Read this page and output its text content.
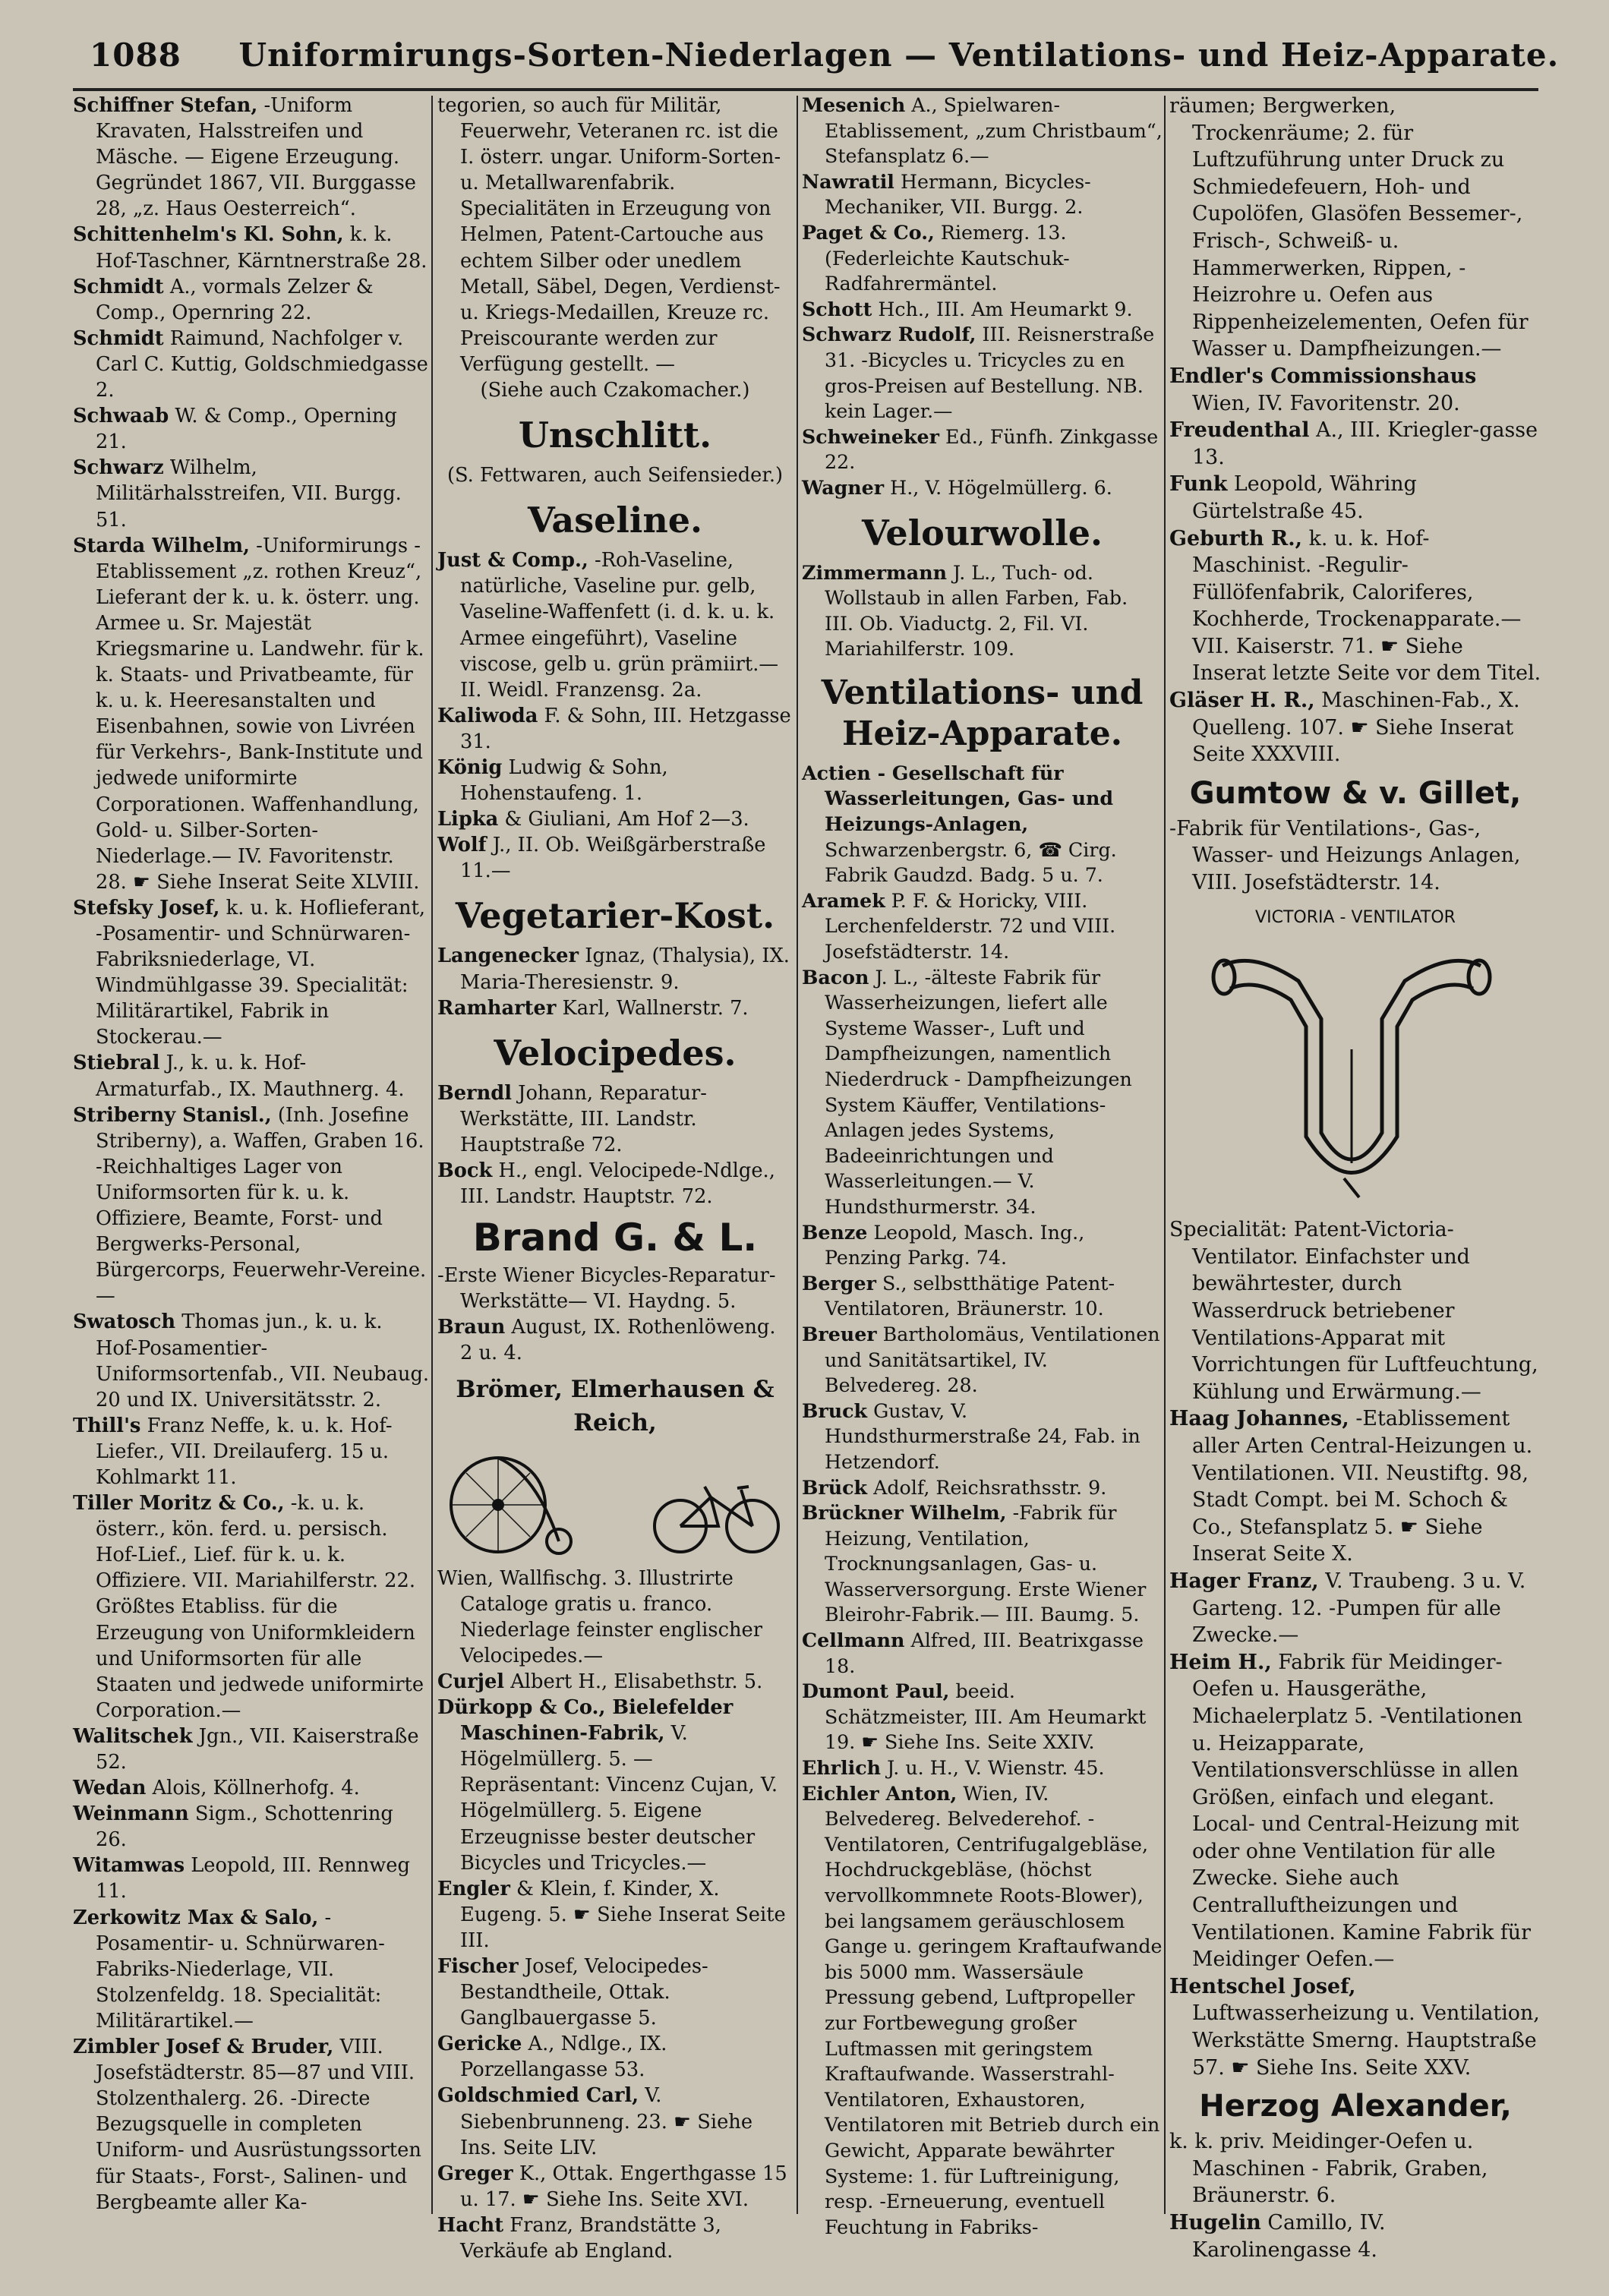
1088 Uniformirungs-Sorten-Niederlagen — Ventilations- und Heiz-Apparate.

Schiffner Stefan, -Uniform Kravaten, Halsstreifen und Mäsche. — Eigene Erzeugung. Gegründet 1867, VII. Burggasse 28, „z. Haus Oesterreich“.

Schittenhelm's Kl. Sohn, k. k. Hof-Taschner, Kärntnerstraße 28.

Schmidt A., vormals Zelzer & Comp., Opernring 22.

Schmidt Raimund, Nachfolger v. Carl C. Kuttig, Goldschmiedgasse 2.

Schwaab W. & Comp., Operning 21.

Schwarz Wilhelm, Militärhalsstreifen, VII. Burgg. 51.

Starda Wilhelm, -Uniformirungs - Etablissement „z. rothen Kreuz“, Lieferant der k. u. k. österr. ung. Armee u. Sr. Majestät Kriegsmarine u. Landwehr. für k. k. Staats- und Privatbeamte, für k. u. k. Heeresanstalten und Eisenbahnen, sowie von Livréen für Verkehrs-, Bank-Institute und jedwede uniformirte Corporationen. Waffenhandlung, Gold- u. Silber-Sorten-Niederlage.— IV. Favoritenstr. 28. ☛ Siehe Inserat Seite XLVIII.

Stefsky Josef, k. u. k. Hoflieferant, -Posamentir- und Schnürwaren-Fabriksniederlage, VI. Windmühlgasse 39. Specialität: Militärartikel, Fabrik in Stockerau.—

Stiebral J., k. u. k. Hof-Armaturfab., IX. Mauthnerg. 4.

Striberny Stanisl., (Inh. Josefine Striberny), a. Waffen, Graben 16. -Reichhaltiges Lager von Uniformsorten für k. u. k. Offiziere, Beamte, Forst- und Bergwerks-Personal, Bürgercorps, Feuerwehr-Vereine.—

Swatosch Thomas jun., k. u. k. Hof-Posamentier-Uniformsortenfab., VII. Neubaug. 20 und IX. Universitätsstr. 2.

Thill's Franz Neffe, k. u. k. Hof-Liefer., VII. Dreilauferg. 15 u. Kohlmarkt 11.

Tiller Moritz & Co., -k. u. k. österr., kön. ferd. u. persisch. Hof-Lief., Lief. für k. u. k. Offiziere. VII. Mariahilferstr. 22. Größtes Etabliss. für die Erzeugung von Uniformkleidern und Uniformsorten für alle Staaten und jedwede uniformirte Corporation.—

Walitschek Jgn., VII. Kaiserstraße 52.

Wedan Alois, Köllnerhofg. 4.

Weinmann Sigm., Schottenring 26.

Witamwas Leopold, III. Rennweg 11.

Zerkowitz Max & Salo, -Posamentir- u. Schnürwaren-Fabriks-Niederlage, VII. Stolzenfeldg. 18. Specialität: Militärartikel.—

Zimbler Josef & Bruder, VIII. Josefstädterstr. 85—87 und VIII. Stolzenthalerg. 26. -Directe Bezugsquelle in completen Uniform- und Ausrüstungssorten für Staats-, Forst-, Salinen- und Bergbeamte aller Ka-

tegorien, so auch für Militär, Feuerwehr, Veteranen rc. ist die I. österr. ungar. Uniform-Sorten- u. Metallwarenfabrik. Specialitäten in Erzeugung von Helmen, Patent-Cartouche aus echtem Silber oder unedlem Metall, Säbel, Degen, Verdienst- u. Kriegs-Medaillen, Kreuze rc. Preiscourante werden zur Verfügung gestellt. —

(Siehe auch Czakomacher.)

Unschlitt.

(S. Fettwaren, auch Seifensieder.)

Vaseline.

Just & Comp., -Roh-Vaseline, natürliche, Vaseline pur. gelb, Vaseline-Waffenfett (i. d. k. u. k. Armee eingeführt), Vaseline viscose, gelb u. grün prämiirt.— II. Weidl. Franzensg. 2a.

Kaliwoda F. & Sohn, III. Hetzgasse 31.

König Ludwig & Sohn, Hohenstaufeng. 1.

Lipka & Giuliani, Am Hof 2—3.

Wolf J., II. Ob. Weißgärberstraße 11.—

Vegetarier-Kost.

Langenecker Ignaz, (Thalysia), IX. Maria-Theresienstr. 9.

Ramharter Karl, Wallnerstr. 7.

Velocipedes.

Berndl Johann, Reparatur-Werkstätte, III. Landstr. Hauptstraße 72.

Bock H., engl. Velocipede-Ndlge., III. Landstr. Hauptstr. 72.

Brand G. & L.

-Erste Wiener Bicycles-Reparatur-Werkstätte— VI. Haydng. 5.

Braun August, IX. Rothenlöweng. 2 u. 4.

Brömer, Elmerhausen & Reich,

Wien, Wallfischg. 3. Illustrirte Cataloge gratis u. franco. Niederlage feinster englischer Velocipedes.—

Curjel Albert H., Elisabethstr. 5.

Dürkopp & Co., Bielefelder Maschinen-Fabrik, V. Högelmüllerg. 5. —Repräsentant: Vincenz Cujan, V. Högelmüllerg. 5. Eigene Erzeugnisse bester deutscher Bicycles und Tricycles.—

Engler & Klein, f. Kinder, X. Eugeng. 5. ☛ Siehe Inserat Seite III.

Fischer Josef, Velocipedes-Bestandtheile, Ottak. Ganglbauergasse 5.

Gericke A., Ndlge., IX. Porzellangasse 53.

Goldschmied Carl, V. Siebenbrunneng. 23. ☛ Siehe Ins. Seite LIV.

Greger K., Ottak. Engerthgasse 15 u. 17. ☛ Siehe Ins. Seite XVI.

Hacht Franz, Brandstätte 3, Verkäufe ab England.

Mesenich A., Spielwaren-Etablissement, „zum Christbaum“, Stefansplatz 6.—

Nawratil Hermann, Bicycles-Mechaniker, VII. Burgg. 2.

Paget & Co., Riemerg. 13. (Federleichte Kautschuk-Radfahrermäntel.

Schott Hch., III. Am Heumarkt 9.

Schwarz Rudolf, III. Reisnerstraße 31. -Bicycles u. Tricycles zu en gros-Preisen auf Bestellung. NB. kein Lager.—

Schweineker Ed., Fünfh. Zinkgasse 22.

Wagner H., V. Högelmüllerg. 6.

Velourwolle.

Zimmermann J. L., Tuch- od. Wollstaub in allen Farben, Fab. III. Ob. Viaductg. 2, Fil. VI. Mariahilferstr. 109.

Ventilations- und Heiz-Apparate.

Actien - Gesellschaft für Wasserleitungen, Gas- und Heizungs-Anlagen, Schwarzenbergstr. 6, ☎ Cirg. Fabrik Gaudzd. Badg. 5 u. 7.

Aramek P. F. & Horicky, VIII. Lerchenfelderstr. 72 und VIII. Josefstädterstr. 14.

Bacon J. L., -älteste Fabrik für Wasserheizungen, liefert alle Systeme Wasser-, Luft und Dampfheizungen, namentlich Niederdruck - Dampfheizungen System Käuffer, Ventilations-Anlagen jedes Systems, Badeeinrichtungen und Wasserleitungen.— V. Hundsthurmerstr. 34.

Benze Leopold, Masch. Ing., Penzing Parkg. 74.

Berger S., selbstthätige Patent-Ventilatoren, Bräunerstr. 10.

Breuer Bartholomäus, Ventilationen und Sanitätsartikel, IV. Belvedereg. 28.

Bruck Gustav, V. Hundsthurmerstraße 24, Fab. in Hetzendorf.

Brück Adolf, Reichsrathsstr. 9.

Brückner Wilhelm, -Fabrik für Heizung, Ventilation, Trocknungsanlagen, Gas- u. Wasserversorgung. Erste Wiener Bleirohr-Fabrik.— III. Baumg. 5.

Cellmann Alfred, III. Beatrixgasse 18.

Dumont Paul, beeid. Schätzmeister, III. Am Heumarkt 19. ☛ Siehe Ins. Seite XXIV.

Ehrlich J. u. H., V. Wienstr. 45.

Eichler Anton, Wien, IV. Belvedereg. Belvederehof. -Ventilatoren, Centrifugalgebläse, Hochdruckgebläse, (höchst vervollkommnete Roots-Blower), bei langsamem geräuschlosem Gange u. geringem Kraftaufwande bis 5000 mm. Wassersäule Pressung gebend, Luftpropeller zur Fortbewegung großer Luftmassen mit geringstem Kraftaufwande. Wasserstrahl-Ventilatoren, Exhaustoren, Ventilatoren mit Betrieb durch ein Gewicht, Apparate bewährter Systeme: 1. für Luftreinigung, resp. -Erneuerung, eventuell Feuchtung in Fabriks-

räumen; Bergwerken, Trockenräume; 2. für Luftzuführung unter Druck zu Schmiedefeuern, Hoh- und Cupolöfen, Glasöfen Bessemer-, Frisch-, Schweiß- u. Hammerwerken, Rippen, -Heizrohre u. Oefen aus Rippenheizelementen, Oefen für Wasser u. Dampfheizungen.—

Endler's Commissionshaus Wien, IV. Favoritenstr. 20.

Freudenthal A., III. Kriegler-gasse 13.

Funk Leopold, Währing Gürtelstraße 45.

Geburth R., k. u. k. Hof-Maschinist. -Regulir-Füllöfenfabrik, Caloriferes, Kochherde, Trockenapparate.— VII. Kaiserstr. 71. ☛ Siehe Inserat letzte Seite vor dem Titel.

Gläser H. R., Maschinen-Fab., X. Quelleng. 107. ☛ Siehe Inserat Seite XXXVIII.

Gumtow & v. Gillet,

-Fabrik für Ventilations-, Gas-, Wasser- und Heizungs Anlagen, VIII. Josefstädterstr. 14.

VICTORIA - VENTILATOR

Specialität: Patent-Victoria-Ventilator. Einfachster und bewährtester, durch Wasserdruck betriebener Ventilations-Apparat mit Vorrichtungen für Luftfeuchtung, Kühlung und Erwärmung.—

Haag Johannes, -Etablissement aller Arten Central-Heizungen u. Ventilationen. VII. Neustiftg. 98, Stadt Compt. bei M. Schoch & Co., Stefansplatz 5. ☛ Siehe Inserat Seite X.

Hager Franz, V. Traubeng. 3 u. V. Garteng. 12. -Pumpen für alle Zwecke.—

Heim H., Fabrik für Meidinger-Oefen u. Hausgeräthe, Michaelerplatz 5. -Ventilationen u. Heizapparate, Ventilationsverschlüsse in allen Größen, einfach und elegant. Local- und Central-Heizung mit oder ohne Ventilation für alle Zwecke. Siehe auch Centralluftheizungen und Ventilationen. Kamine Fabrik für Meidinger Oefen.—

Hentschel Josef, Luftwasserheizung u. Ventilation, Werkstätte Smerng. Hauptstraße 57. ☛ Siehe Ins. Seite XXV.

Herzog Alexander,

k. k. priv. Meidinger-Oefen u. Maschinen - Fabrik, Graben, Bräunerstr. 6.

Hugelin Camillo, IV. Karolinengasse 4.
